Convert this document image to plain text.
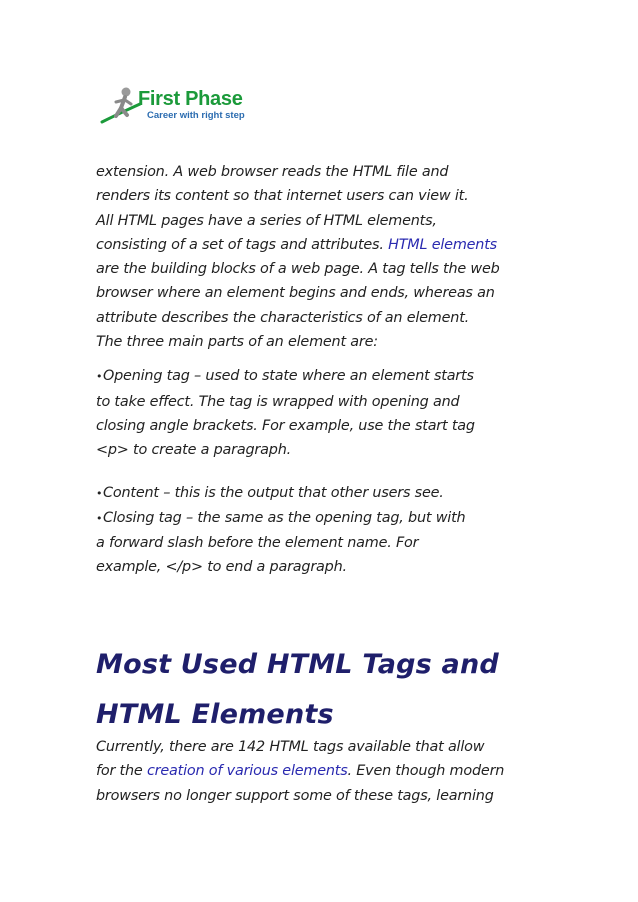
First Phase
Career with right step
extension. A web browser reads the HTML file and
renders its content so that internet users can view it.
All HTML pages have a series of HTML elements,
consisting of a set of tags and attributes. HTML elements
are the building blocks of a web page. A tag tells the web
browser where an element begins and ends, whereas an
attribute describes the characteristics of an element.
The three main parts of an element are:
•Opening tag – used to state where an element starts
to take effect. The tag is wrapped with opening and
closing angle brackets. For example, use the start tag
<p> to create a paragraph.
•Content – this is the output that other users see.
•Closing tag – the same as the opening tag, but with
a forward slash before the element name. For
example, </p> to end a paragraph.
Most Used HTML Tags and
HTML Elements
Currently, there are 142 HTML tags available that allow
for the creation of various elements. Even though modern
browsers no longer support some of these tags, learning
